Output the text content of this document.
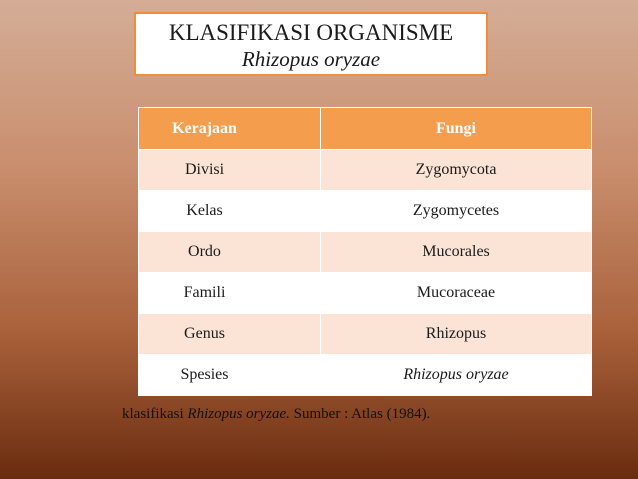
KLASIFIKASI ORGANISME
Rhizopus oryzae
Kerajaan	Fungi
Divisi	Zygomycota
Kelas	Zygomycetes
Ordo	Mucorales
Famili	Mucoraceae
Genus	Rhizopus
Spesies	Rhizopus oryzae
klasifikasi Rhizopus oryzae. Sumber : Atlas (1984).
